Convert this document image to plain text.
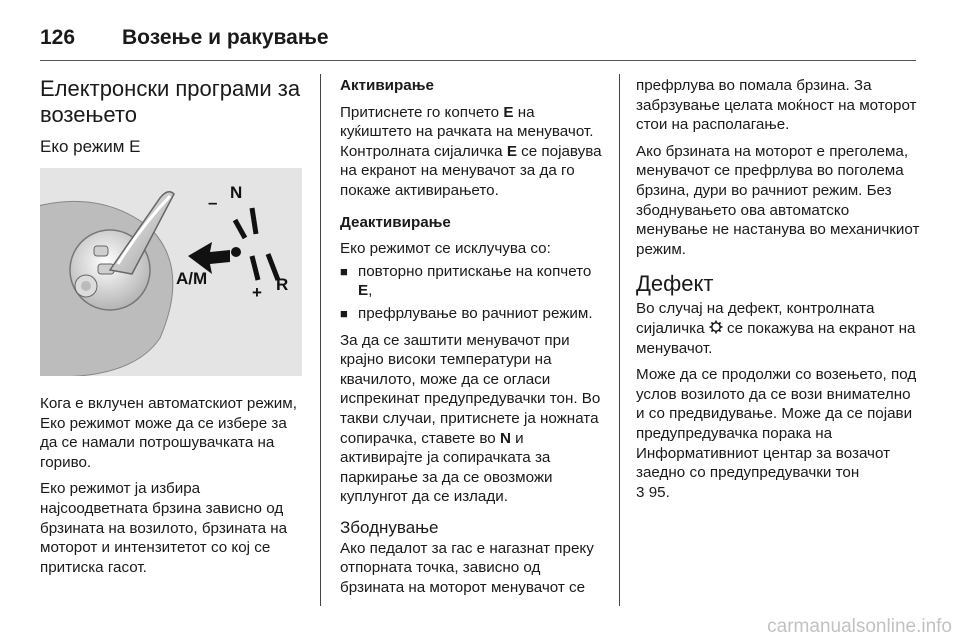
126	Возење и ракување
Електронски програми за возењето
Еко режим Е
N
–
+ R
A/M

Кога е вклучен автоматскиот режим, Еко режимот може да се избере за да се намали потрошувачката на гориво.

Еко режимот ја избира најсоодветната брзина зависно од брзината на возилото, брзината на моторот и интензитетот со кој се притиска гасот.

Активирање

Притиснете го копчето Е на куќиштето на рачката на менувачот. Контролната сијаличка Е се појавува на екранот на менувачот за да го покаже активирањето.

Деактивирање

Еко режимот се исклучува со:

■ повторно притискање на копчето Е,
■ префрлување во рачниот режим.

За да се заштити менувачот при крајно високи температури на квачилото, може да се огласи испрекинат предупредувачки тон. Во такви случаи, притиснете ја ножната сопирачка, ставете во N и активирајте ја сопирачката за паркирање за да се овозможи куплунгот да се излади.

Збоднување

Ако педалот за гас е нагазнат преку отпорната точка, зависно од брзината на моторот менувачот се

префрлува во помала брзина. За забрзување целата моќност на моторот стои на располагање.

Ако брзината на моторот е преголема, менувачот се префрлува во поголема брзина, дури во рачниот режим. Без збоднувањето ова автоматско менување не настанува во механичкиот режим.

Дефект

Во случај на дефект, контролната сијаличка  се покажува на екранот на менувачот.

Може да се продолжи со возењето, под услов возилото да се вози внимателно и со предвидување. Може да се појави предупредувачка порака на Информативниот центар за возачот заедно со предупредувачки тон
3 95.

carmanualsonline.info
